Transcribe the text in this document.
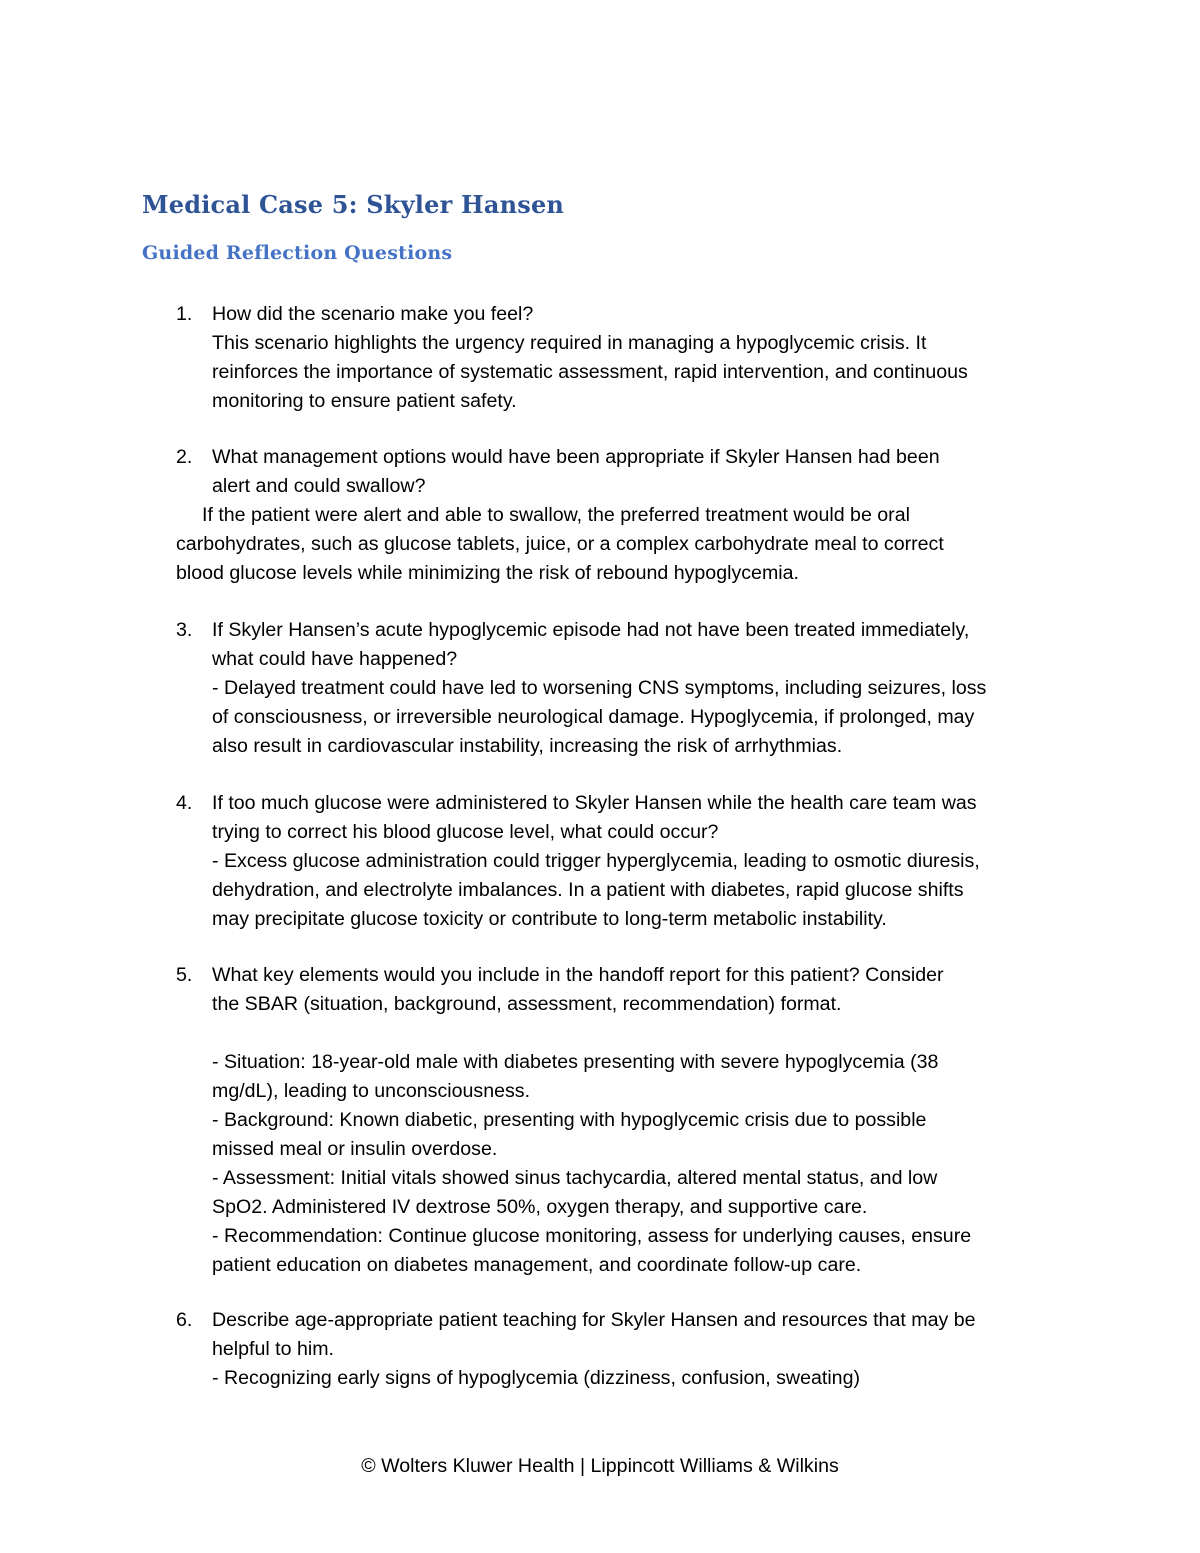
Medical Case 5: Skyler Hansen
Guided Reflection Questions
1. How did the scenario make you feel?

This scenario highlights the urgency required in managing a hypoglycemic crisis. It

reinforces the importance of systematic assessment, rapid intervention, and continuous

monitoring to ensure patient safety.

2. What management options would have been appropriate if Skyler Hansen had been

alert and could swallow?

If the patient were alert and able to swallow, the preferred treatment would be oral

carbohydrates, such as glucose tablets, juice, or a complex carbohydrate meal to correct

blood glucose levels while minimizing the risk of rebound hypoglycemia.

3. If Skyler Hansen’s acute hypoglycemic episode had not have been treated immediately,

what could have happened?

- Delayed treatment could have led to worsening CNS symptoms, including seizures, loss

of consciousness, or irreversible neurological damage. Hypoglycemia, if prolonged, may

also result in cardiovascular instability, increasing the risk of arrhythmias.

4. If too much glucose were administered to Skyler Hansen while the health care team was

trying to correct his blood glucose level, what could occur?

- Excess glucose administration could trigger hyperglycemia, leading to osmotic diuresis,

dehydration, and electrolyte imbalances. In a patient with diabetes, rapid glucose shifts

may precipitate glucose toxicity or contribute to long-term metabolic instability.

5. What key elements would you include in the handoff report for this patient? Consider

the SBAR (situation, background, assessment, recommendation) format.

- Situation: 18-year-old male with diabetes presenting with severe hypoglycemia (38

mg/dL), leading to unconsciousness.

- Background: Known diabetic, presenting with hypoglycemic crisis due to possible

missed meal or insulin overdose.

- Assessment: Initial vitals showed sinus tachycardia, altered mental status, and low

SpO2. Administered IV dextrose 50%, oxygen therapy, and supportive care.

- Recommendation: Continue glucose monitoring, assess for underlying causes, ensure

patient education on diabetes management, and coordinate follow-up care.

6. Describe age-appropriate patient teaching for Skyler Hansen and resources that may be

helpful to him.

- Recognizing early signs of hypoglycemia (dizziness, confusion, sweating)

© Wolters Kluwer Health | Lippincott Williams & Wilkins
